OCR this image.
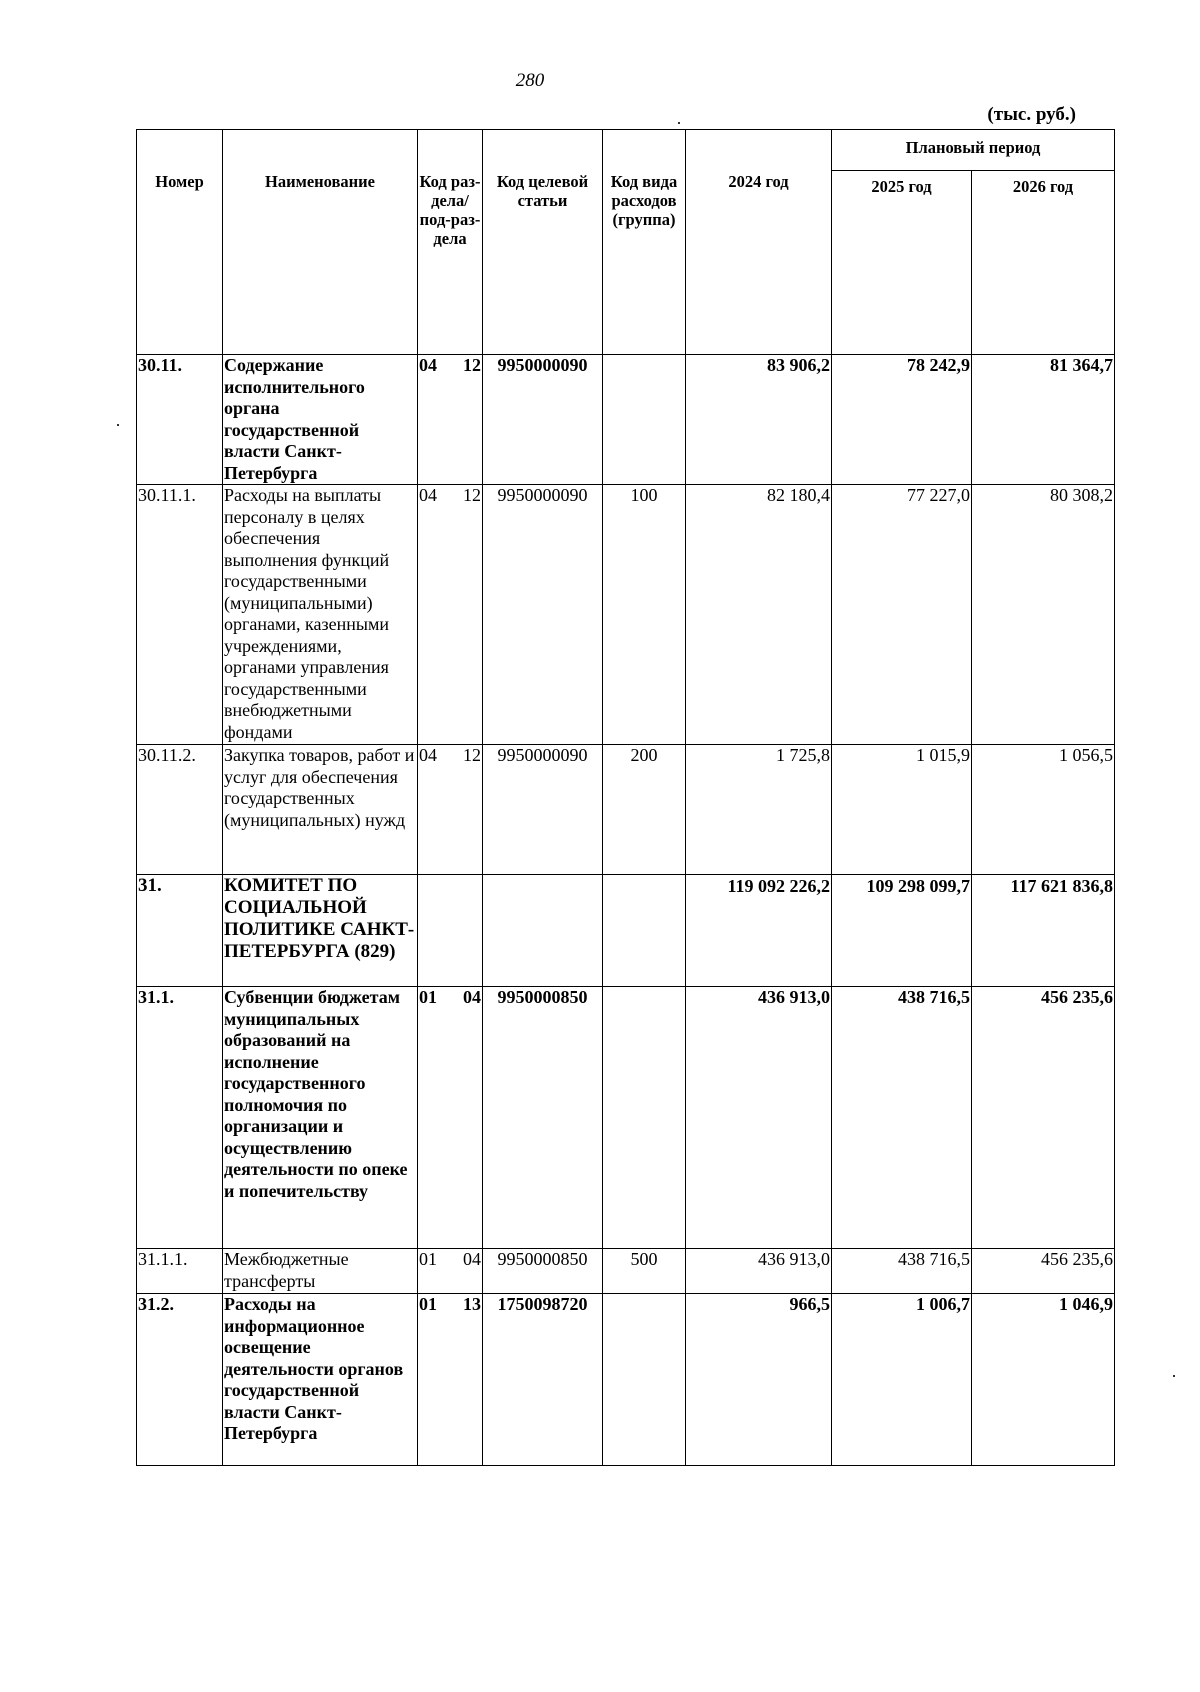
280
(тыс. руб.)
Номер	Наименование	Код раз-дела/ под-раз-дела	Код целевой статьи	Код вида расходов (группа)	2024 год	Плановый период	
						2025 год	2026 год
30.11.	Содержание исполнительного органа государственной власти Санкт-Петербурга	04 12	9950000090		83 906,2	78 242,9	81 364,7
30.11.1.	Расходы на выплаты персоналу в целях обеспечения выполнения функций государственными (муниципальными) органами, казенными учреждениями, органами управления государственными внебюджетными фондами	04 12	9950000090	100	82 180,4	77 227,0	80 308,2
30.11.2.	Закупка товаров, работ и услуг для обеспечения государственных (муниципальных) нужд	04 12	9950000090	200	1 725,8	1 015,9	1 056,5
31.	КОМИТЕТ ПО СОЦИАЛЬНОЙ ПОЛИТИКЕ САНКТ-ПЕТЕРБУРГА (829)				119 092 226,2	109 298 099,7	117 621 836,8
31.1.	Субвенции бюджетам муниципальных образований на исполнение государственного полномочия по организации и осуществлению деятельности по опеке и попечительству	01 04	9950000850		436 913,0	438 716,5	456 235,6
31.1.1.	Межбюджетные трансферты	01 04	9950000850	500	436 913,0	438 716,5	456 235,6
31.2.	Расходы на информационное освещение деятельности органов государственной власти Санкт-Петербурга	01 13	1750098720		966,5	1 006,7	1 046,9
